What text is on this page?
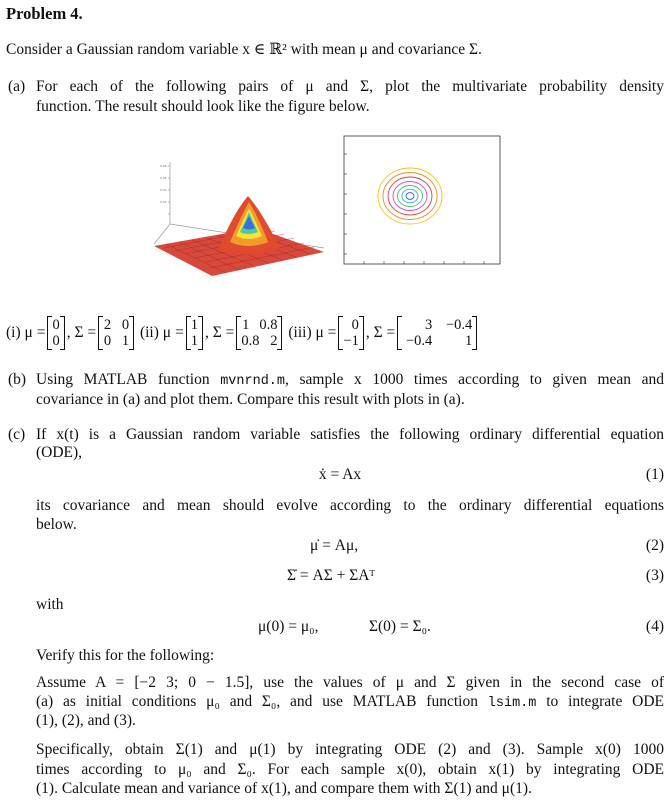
Problem 4.
Consider a Gaussian random variable x ∈ ℝ² with mean μ and covariance Σ.
(a) For each of the following pairs of μ and Σ, plot the multivariate probability density
function. The result should look like the figure below.
0.08
0.06
0.04
0.02
(i)
μ = 0
0 , Σ = 2 0
0 1
(ii)
μ = 1
1 , Σ = 1 0.8
0.8 2
(iii)
μ =	0
−1 , Σ =	3 −0.4
−0.4	1
(b) Using MATLAB function mvnrnd.m, sample x 1000 times according to given mean and
covariance in (a) and plot them. Compare this result with plots in (a).
(c) If x(t) is a Gaussian random variable satisfies the following ordinary differential equation
(ODE),
ẋ = Ax	(1)
its covariance and mean should evolve according to the ordinary differential equations
below.
μ̇ = Aμ,	(2)
Σ̇ = AΣ + ΣAᵀ	(3)
with
μ(0) = μ₀,	Σ(0) = Σ₀.	(4)
Verify this for the following:
Assume A = [−2 3; 0 − 1.5], use the values of μ and Σ given in the second case of
(a) as initial conditions μ₀ and Σ₀, and use MATLAB function lsim.m to integrate ODE
(1), (2), and (3).
Specifically, obtain Σ(1) and μ(1) by integrating ODE (2) and (3). Sample x(0) 1000
times according to μ₀ and Σ₀. For each sample x(0), obtain x(1) by integrating ODE
(1). Calculate mean and variance of x(1), and compare them with Σ(1) and μ(1).
